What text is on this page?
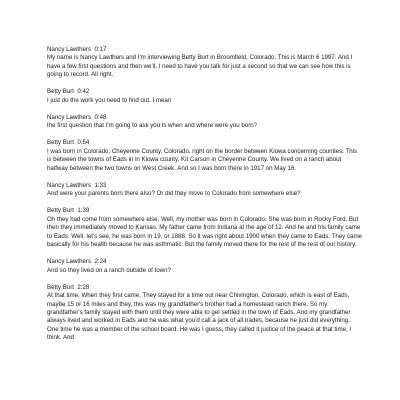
Nancy Lawthers 0:17
My name is Nancy Lawthers and I'm interviewing Betty Burt in Broomfield, Colorado. This is March 6 1997. And I have a few first questions and then we'll, I need to have you talk for just a second so that we can see how this is going to record. All right.
Betty Burt 0:42
I just do the work you need to find out. I mean
Nancy Lawthers 0:48
the first question that I'm going to ask you is when and where were you born?
Betty Burt 0:54
I was born in Colorado, Cheyenne County, Colorado, right on the border between Kiowa concerning counties. This is between the towns of Eads in in Kiowa county, Kit Carson in Cheyenne County. We lived on a ranch about halfway between the two towns on West Creek. And so I was born there in 1917 on May 16.
Nancy Lawthers 1:33
And were your parents born there also? Or did they move to Colorado from somewhere else?
Betty Burt 1:39
Oh they had come from somewhere else. Well, my mother was born in Colorado. She was born in Rocky Ford. But then they immediately moved to Kansas. My father came from Indiana at the age of 12. And he and his family came to Eads. Well, let's see, he was born in 19, or 1888. So it was right about 1900 when they came to Eads. They came basically for his health because he was asthmatic. But the family moved there for the rest of the rest of our history.
Nancy Lawthers 2:24
And so they lived on a ranch outside of town?
Betty Burt 2:28
At that time. When they first came. They stayed for a time out near Chivington, Colorado, which is east of Eads, maybe 15 or 16 miles and they, this was my grandfather's brother had a homestead ranch there. So my grandfather's family stayed with them until they were able to get settled in the town of Eads. And my grandfather always lived and worked in Eads and he was what you'd call a jack of all trades, because he just did everything. One time he was a member of the school board. He was I guess, they called it justice of the peace at that time, I think. And
